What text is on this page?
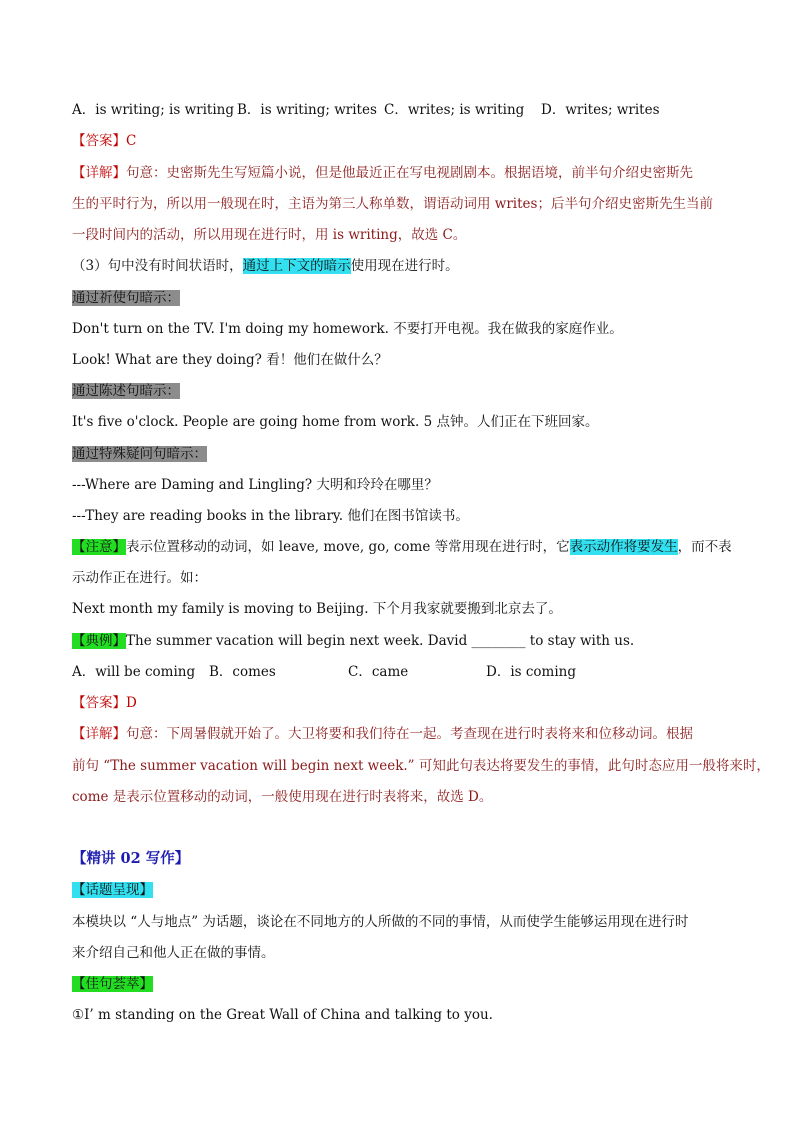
A．is writing; is writing B．is writing; writes C．writes; is writing D．writes; writes
【答案】C
【详解】句意：史密斯先生写短篇小说，但是他最近正在写电视剧剧本。根据语境，前半句介绍史密斯先
生的平时行为，所以用一般现在时，主语为第三人称单数，谓语动词用 writes；后半句介绍史密斯先生当前
一段时间内的活动，所以用现在进行时，用 is writing，故选 C。
（3）句中没有时间状语时，通过上下文的暗示使用现在进行时。
通过祈使句暗示：
Don't turn on the TV. I'm doing my homework. 不要打开电视。我在做我的家庭作业。
Look! What are they doing? 看！他们在做什么？
通过陈述句暗示：
It's five o'clock. People are going home from work. 5 点钟。人们正在下班回家。
通过特殊疑问句暗示：
---Where are Daming and Lingling? 大明和玲玲在哪里？
---They are reading books in the library. 他们在图书馆读书。
【注意】表示位置移动的动词，如 leave, move, go, come 等常用现在进行时，它表示动作将要发生，而不表
示动作正在进行。如：
Next month my family is moving to Beijing. 下个月我家就要搬到北京去了。
【典例】The summer vacation will begin next week. David ________ to stay with us.
A．will be coming B．comes	C．came	D．is coming
【答案】D
【详解】句意：下周暑假就开始了。大卫将要和我们待在一起。考查现在进行时表将来和位移动词。根据
前句 “The summer vacation will begin next week.” 可知此句表达将要发生的事情，此句时态应用一般将来时，
come 是表示位置移动的动词，一般使用现在进行时表将来，故选 D。
【精讲 02 写作】
【话题呈现】
本模块以 “人与地点” 为话题，谈论在不同地方的人所做的不同的事情，从而使学生能够运用现在进行时
来介绍自己和他人正在做的事情。
【佳句荟萃】
①I’ m standing on the Great Wall of China and talking to you.
